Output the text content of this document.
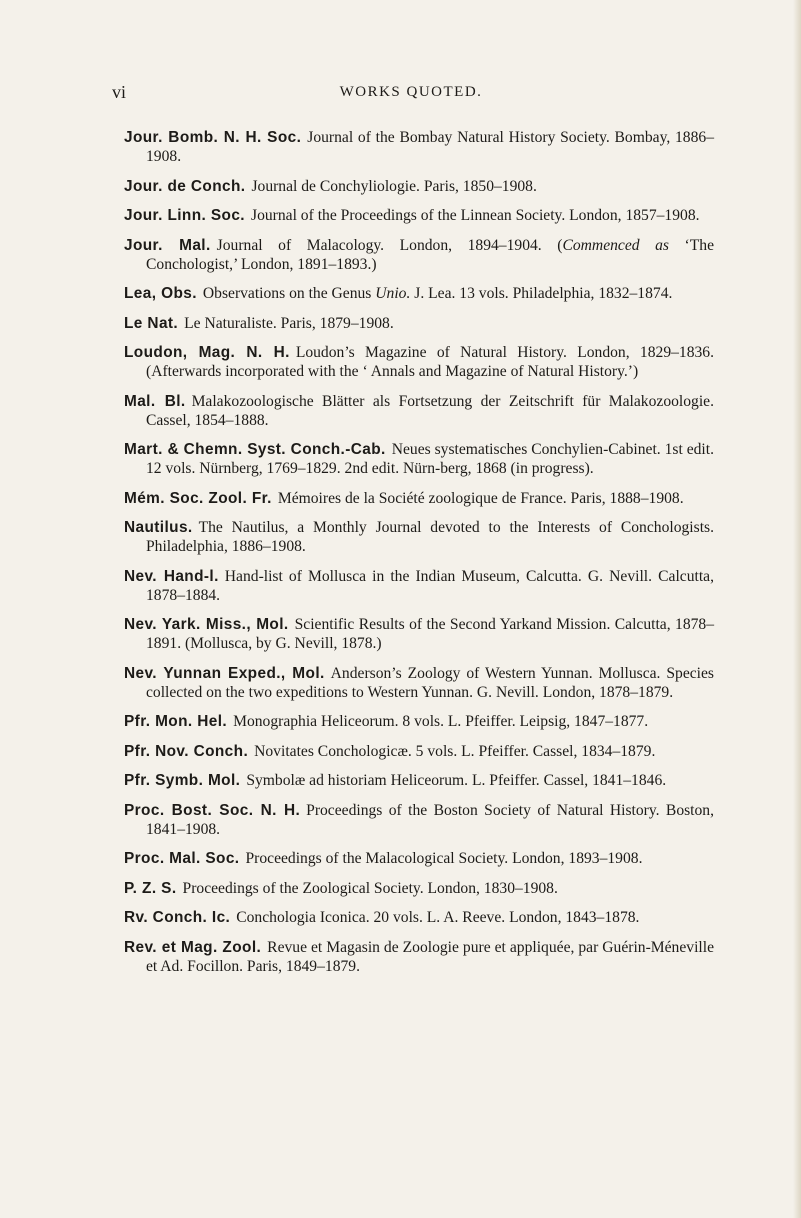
vi	WORKS QUOTED.

Jour. Bomb. N. H. Soc. Journal of the Bombay Natural History Society. Bombay, 1886–1908.

Jour. de Conch. Journal de Conchyliologie. Paris, 1850–1908.

Jour. Linn. Soc. Journal of the Proceedings of the Linnean Society. London, 1857–1908.

Jour. Mal. Journal of Malacology. London, 1894–1904. (Commenced as ‘The Conchologist,’ London, 1891–1893.)

Lea, Obs. Observations on the Genus Unio. J. Lea. 13 vols. Philadelphia, 1832–1874.

Le Nat. Le Naturaliste. Paris, 1879–1908.

Loudon, Mag. N. H. Loudon’s Magazine of Natural History. London, 1829–1836. (Afterwards incorporated with the ‘ Annals and Magazine of Natural History.’)

Mal. Bl. Malakozoologische Blätter als Fortsetzung der Zeitschrift für Malakozoologie. Cassel, 1854–1888.

Mart. & Chemn. Syst. Conch.-Cab. Neues systematisches Conchylien-Cabinet. 1st edit. 12 vols. Nürnberg, 1769–1829. 2nd edit. Nürn-berg, 1868 (in progress).

Mém. Soc. Zool. Fr. Mémoires de la Société zoologique de France. Paris, 1888–1908.

Nautilus. The Nautilus, a Monthly Journal devoted to the Interests of Conchologists. Philadelphia, 1886–1908.

Nev. Hand-l. Hand-list of Mollusca in the Indian Museum, Calcutta. G. Nevill. Calcutta, 1878–1884.

Nev. Yark. Miss., Mol. Scientific Results of the Second Yarkand Mission. Calcutta, 1878–1891. (Mollusca, by G. Nevill, 1878.)

Nev. Yunnan Exped., Mol. Anderson’s Zoology of Western Yunnan. Mollusca. Species collected on the two expeditions to Western Yunnan. G. Nevill. London, 1878–1879.

Pfr. Mon. Hel. Monographia Heliceorum. 8 vols. L. Pfeiffer. Leipsig, 1847–1877.

Pfr. Nov. Conch. Novitates Conchologicæ. 5 vols. L. Pfeiffer. Cassel, 1834–1879.

Pfr. Symb. Mol. Symbolæ ad historiam Heliceorum. L. Pfeiffer. Cassel, 1841–1846.

Proc. Bost. Soc. N. H. Proceedings of the Boston Society of Natural History. Boston, 1841–1908.

Proc. Mal. Soc. Proceedings of the Malacological Society. London, 1893–1908.

P. Z. S. Proceedings of the Zoological Society. London, 1830–1908.

Rv. Conch. Ic. Conchologia Iconica. 20 vols. L. A. Reeve. London, 1843–1878.

Rev. et Mag. Zool. Revue et Magasin de Zoologie pure et appliquée, par Guérin-Méneville et Ad. Focillon. Paris, 1849–1879.
